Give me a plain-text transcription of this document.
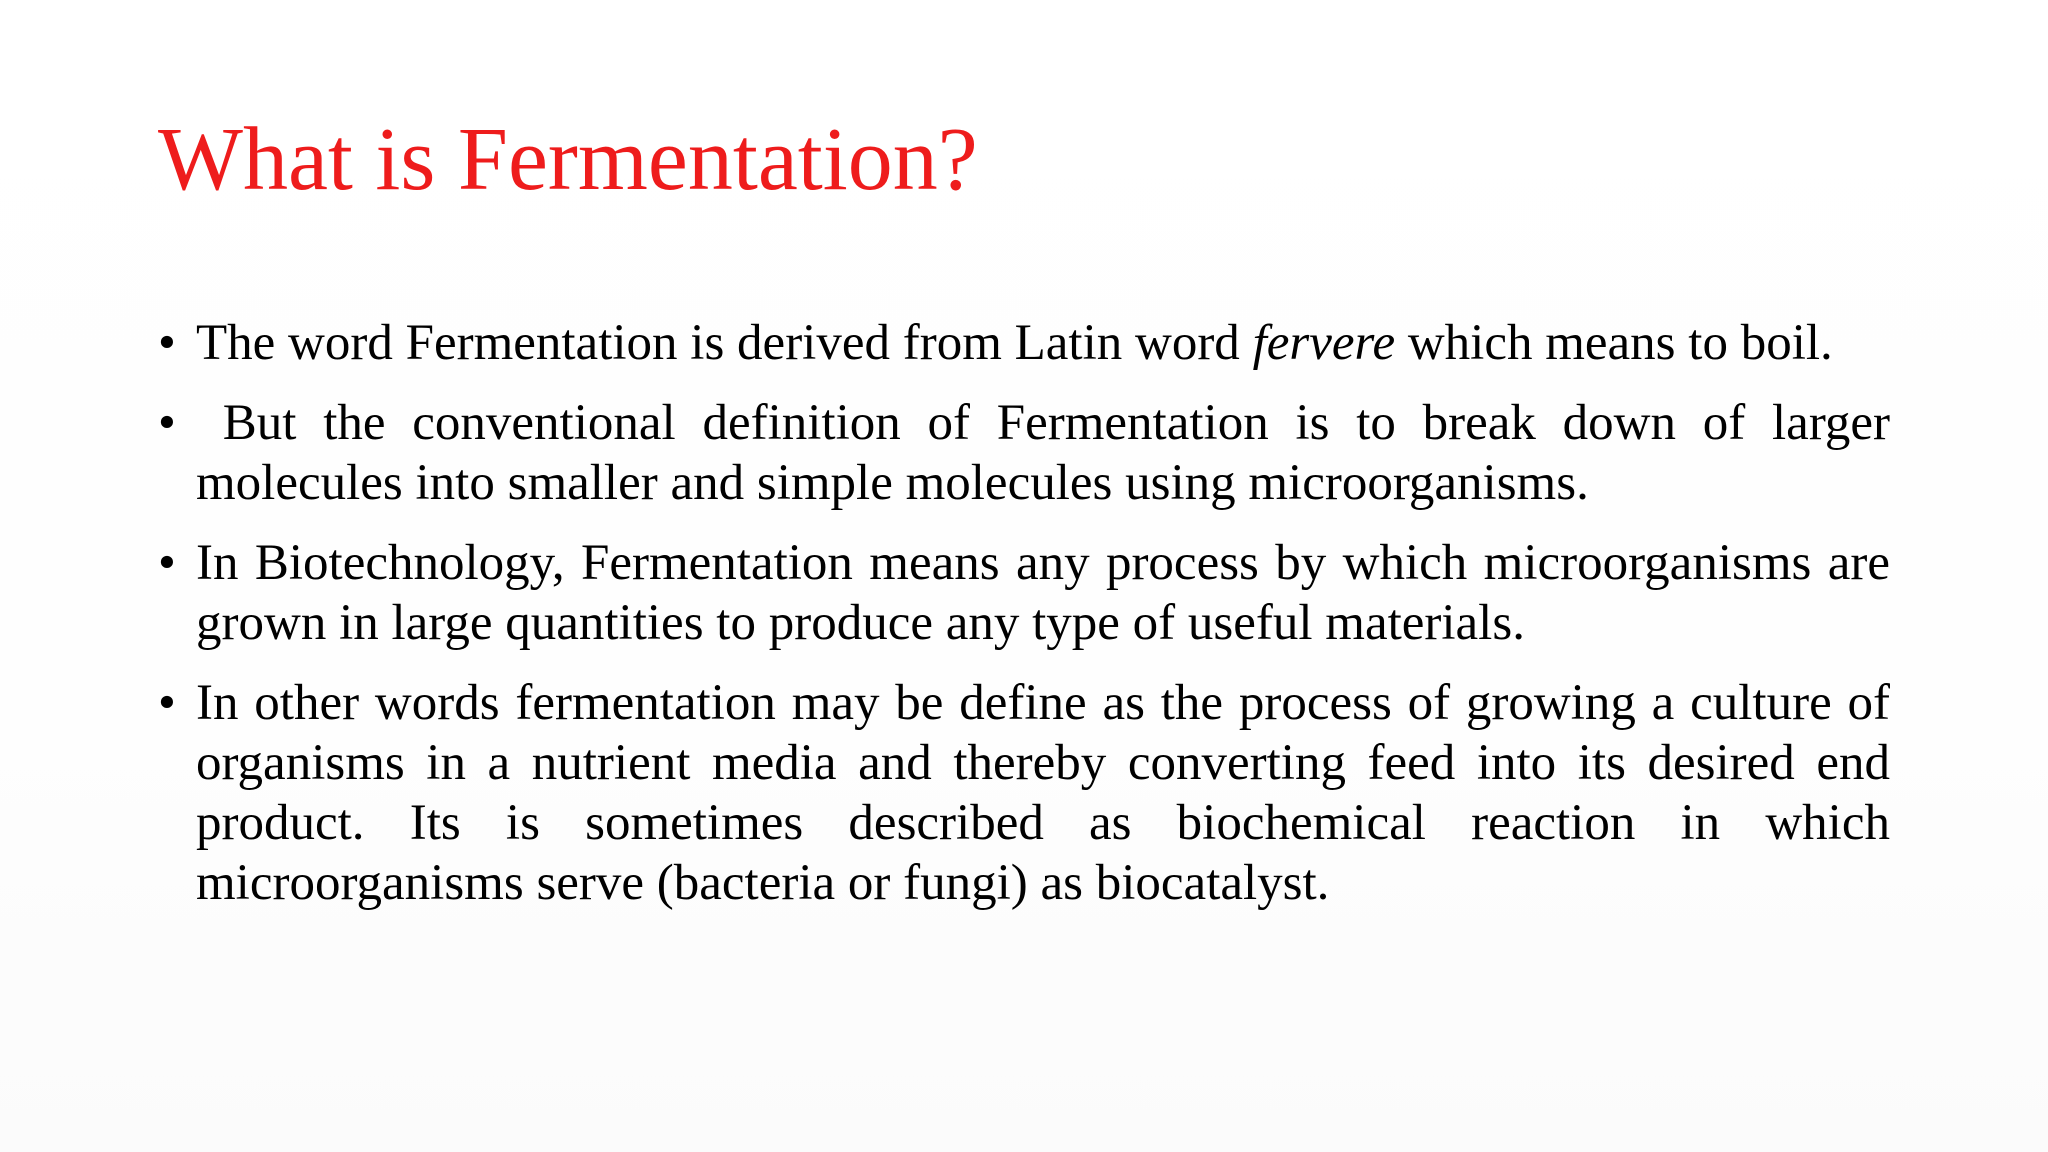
What is Fermentation?
• The word Fermentation is derived from Latin word fervere which means to boil.
• But the conventional definition of Fermentation is to break down of larger molecules into smaller and simple molecules using microorganisms.
• In Biotechnology, Fermentation means any process by which microorganisms are grown in large quantities to produce any type of useful materials.
• In other words fermentation may be define as the process of growing a culture of organisms in a nutrient media and thereby converting feed into its desired end product. Its is sometimes described as biochemical reaction in which microorganisms serve (bacteria or fungi) as biocatalyst.
